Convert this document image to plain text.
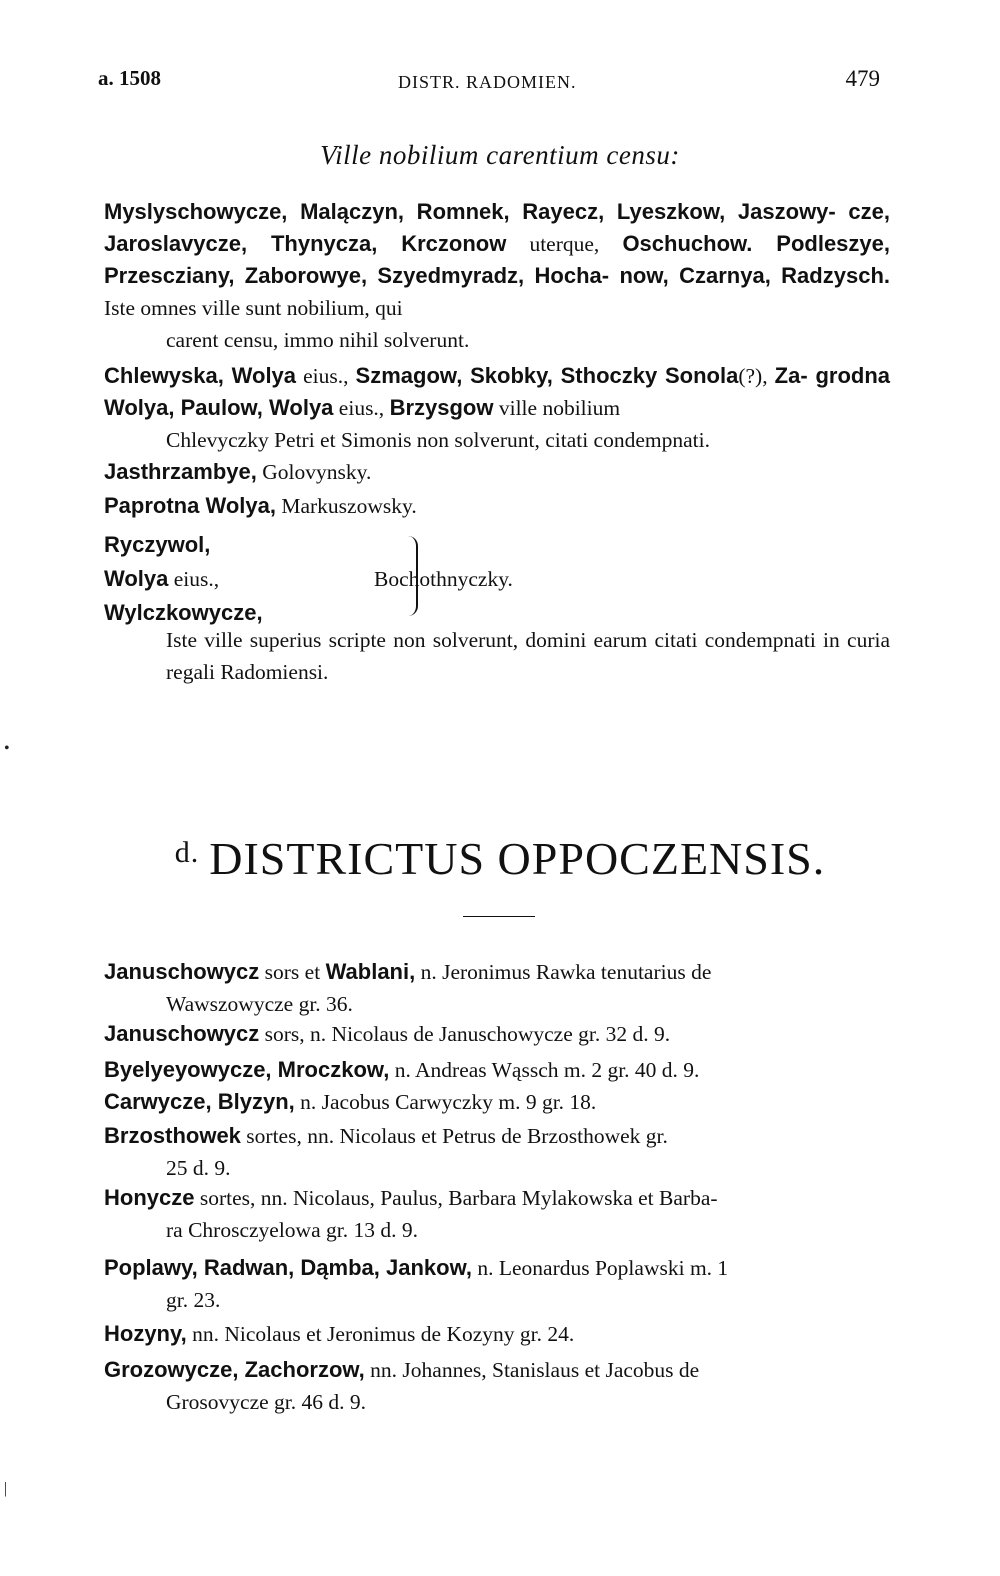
a. 1508	DISTR. RADOMIEN.	479
Ville nobilium carentium censu:
Myslyschowycze, Malączyn, Romnek, Rayecz, Lyeszkow, Jaszowy- cze, Jaroslavycze, Thynycza, Krczonow uterque, Oschuchow. Podleszye, Przesczіany, Zaborowye, Szyedmyradz, Hocha- now, Czarnya, Radzysch. Iste omnes ville sunt nobilium, qui
carent censu, immo nihil solverunt.
Chlewyska, Wolya eius., Szmagow, Skobky, Sthoczky Sonola(?), Za- grodna Wolya, Paulow, Wolya eius., Brzysgow ville nobilium
Chlevyczky Petri et Simonis non solverunt, citati condempnati.
Jasthrzambye, Golovynsky.
Paprotna Wolya, Markuszowsky.
Ryczywol,
Wolya eius.,
Wylczkowycze,
Bochothnyczky.
Iste ville superius scripte non solverunt, domini earum citati condempnati in curia regali Radomiensi.
$^{d.}$ DISTRICTUS OPPOCZENSIS.
Januschowycz sors et Wablani, n. Jeronimus Rawka tenutarius de
Wawszowycze gr. 36.
Januschowycz sors, n. Nicolaus de Januschowycze gr. 32 d. 9.
Byelyeyowycze, Mroczkow, n. Andreas Wąssch m. 2 gr. 40 d. 9.
Carwycze, Blyzyn, n. Jacobus Carwyczky m. 9 gr. 18.
Brzosthowek sortes, nn. Nicolaus et Petrus de Brzosthowek gr.
25 d. 9.
Honycze sortes, nn. Nicolaus, Paulus, Barbara Mylakowska et Barba-
ra Chrosczyelowa gr. 13 d. 9.
Poplawy, Radwan, Dąmba, Jankow, n. Leonardus Poplawski m. 1
gr. 23.
Hozyny, nn. Nicolaus et Jeronimus de Kozyny gr. 24.
Grozowycze, Zachorzow, nn. Johannes, Stanislaus et Jacobus de
Grosovycze gr. 46 d. 9.
•
|
